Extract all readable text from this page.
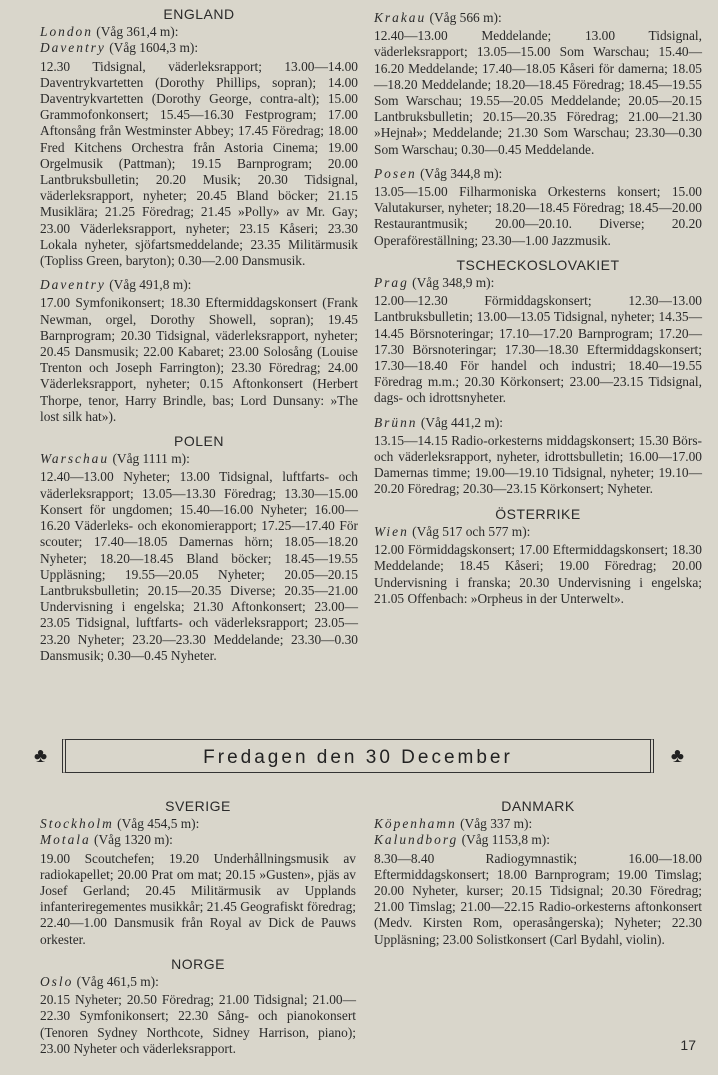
ENGLAND
London (Våg 361,4 m):
Daventry (Våg 1604,3 m):

12.30 Tidsignal, väderleksrapport; 13.00—14.00 Daventrykvartetten (Dorothy Phillips, sopran); 14.00 Daventrykvartetten (Dorothy George, contra-alt); 15.00 Grammofonkonsert; 15.45—16.30 Festprogram; 17.00 Aftonsång från Westminster Abbey; 17.45 Föredrag; 18.00 Fred Kitchens Orchestra från Astoria Cinema; 19.00 Orgelmusik (Pattman); 19.15 Barnprogram; 20.00 Lantbruksbulletin; 20.20 Musik; 20.30 Tidsignal, väderleksrapport, nyheter; 20.45 Bland böcker; 21.15 Musiklära; 21.25 Föredrag; 21.45 »Polly» av Mr. Gay; 23.00 Väderleksrapport, nyheter; 23.15 Kåseri; 23.30 Lokala nyheter, sjöfartsmeddelande; 23.35 Militärmusik (Topliss Green, baryton); 0.30—2.00 Dansmusik.

Daventry (Våg 491,8 m):

17.00 Symfonikonsert; 18.30 Eftermiddagskonsert (Frank Newman, orgel, Dorothy Showell, sopran); 19.45 Barnprogram; 20.30 Tidsignal, väderleksrapport, nyheter; 20.45 Dansmusik; 22.00 Kabaret; 23.00 Solosång (Louise Trenton och Joseph Farrington); 23.30 Föredrag; 24.00 Väderleksrapport, nyheter; 0.15 Aftonkonsert (Herbert Thorpe, tenor, Harry Brindle, bas; Lord Dunsany: »The lost silk hat»).

POLEN
Warschau (Våg 1111 m):

12.40—13.00 Nyheter; 13.00 Tidsignal, luftfarts- och väderleksrapport; 13.05—13.30 Föredrag; 13.30—15.00 Konsert för ungdomen; 15.40—16.00 Nyheter; 16.00—16.20 Väderleks- och ekonomierapport; 17.25—17.40 För scouter; 17.40—18.05 Damernas hörn; 18.05—18.20 Nyheter; 18.20—18.45 Bland böcker; 18.45—19.55 Uppläsning; 19.55—20.05 Nyheter; 20.05—20.15 Lantbruksbulletin; 20.15—20.35 Diverse; 20.35—21.00 Undervisning i engelska; 21.30 Aftonkonsert; 23.00—23.05 Tidsignal, luftfarts- och väderleksrapport; 23.05—23.20 Nyheter; 23.20—23.30 Meddelande; 23.30—0.30 Dansmusik; 0.30—0.45 Nyheter.

Krakau (Våg 566 m):

12.40—13.00 Meddelande; 13.00 Tidsignal, väderleksrapport; 13.05—15.00 Som Warschau; 15.40—16.20 Meddelande; 17.40—18.05 Kåseri för damerna; 18.05—18.20 Meddelande; 18.20—18.45 Föredrag; 18.45—19.55 Som Warschau; 19.55—20.05 Meddelande; 20.05—20.15 Lantbruksbulletin; 20.15—20.35 Föredrag; 21.00—21.30 »Hejnał»; Meddelande; 21.30 Som Warschau; 23.30—0.30 Som Warschau; 0.30—0.45 Meddelande.

Posen (Våg 344,8 m):

13.05—15.00 Filharmoniska Orkesterns konsert; 15.00 Valutakurser, nyheter; 18.20—18.45 Föredrag; 18.45—20.00 Restaurantmusik; 20.00—20.10. Diverse; 20.20 Operaföreställning; 23.30—1.00 Jazzmusik.

TSCHECKOSLOVAKIET
Prag (Våg 348,9 m):

12.00—12.30 Förmiddagskonsert; 12.30—13.00 Lantbruksbulletin; 13.00—13.05 Tidsignal, nyheter; 14.35—14.45 Börsnoteringar; 17.10—17.20 Barnprogram; 17.20—17.30 Börsnoteringar; 17.30—18.30 Eftermiddagskonsert; 17.30—18.40 För handel och industri; 18.40—19.55 Föredrag m.m.; 20.30 Körkonsert; 23.00—23.15 Tidsignal, dags- och idrottsnyheter.

Brünn (Våg 441,2 m):

13.15—14.15 Radio-orkesterns middagskonsert; 15.30 Börs- och väderleksrapport, nyheter, idrottsbulletin; 16.00—17.00 Damernas timme; 19.00—19.10 Tidsignal, nyheter; 19.10—20.20 Föredrag; 20.30—23.15 Körkonsert; Nyheter.

ÖSTERRIKE
Wien (Våg 517 och 577 m):

12.00 Förmiddagskonsert; 17.00 Eftermiddagskonsert; 18.30 Meddelande; 18.45 Kåseri; 19.00 Föredrag; 20.00 Undervisning i franska; 20.30 Undervisning i engelska; 21.05 Offenbach: »Orpheus in der Unterwelt».

♣	Fredagen den 30 December	♣
SVERIGE
Stockholm (Våg 454,5 m):
Motala (Våg 1320 m):

19.00 Scoutchefen; 19.20 Underhållningsmusik av radiokapellet; 20.00 Prat om mat; 20.15 »Gusten», pjäs av Josef Gerland; 20.45 Militärmusik av Upplands infanteriregementes musikkår; 21.45 Geografiskt föredrag; 22.40—1.00 Dansmusik från Royal av Dick de Pauws orkester.

NORGE
Oslo (Våg 461,5 m):

20.15 Nyheter; 20.50 Föredrag; 21.00 Tidsignal; 21.00—22.30 Symfonikonsert; 22.30 Sång- och pianokonsert (Tenoren Sydney Northcote, Sidney Harrison, piano); 23.00 Nyheter och väderleksrapport.

DANMARK
Köpenhamn (Våg 337 m):
Kalundborg (Våg 1153,8 m):

8.30—8.40 Radiogymnastik; 16.00—18.00 Eftermiddagskonsert; 18.00 Barnprogram; 19.00 Timslag; 20.00 Nyheter, kurser; 20.15 Tidsignal; 20.30 Föredrag; 21.00 Timslag; 21.00—22.15 Radio-orkesterns aftonkonsert (Medv. Kirsten Rom, operasångerska); Nyheter; 22.30 Uppläsning; 23.00 Solistkonsert (Carl Bydahl, violin).

17
